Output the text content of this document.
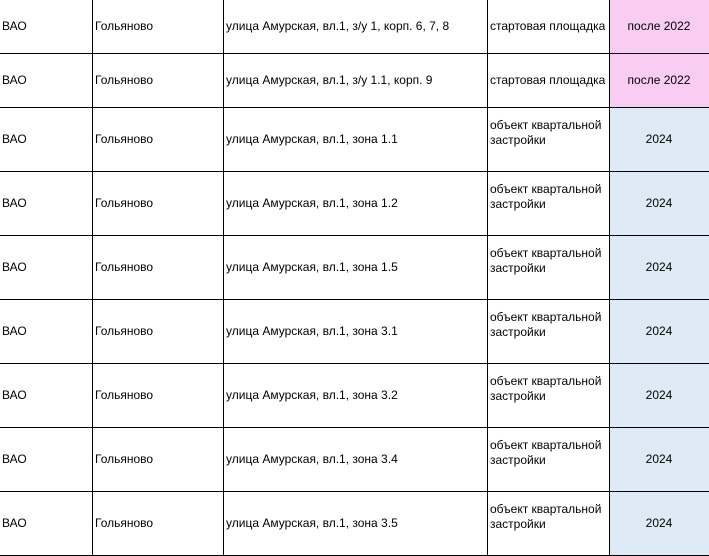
ВАО	Гольяново	улица Амурская, вл.1, з/у 1, корп. 6, 7, 8	стартовая площадка	после 2022
ВАО	Гольяново	улица Амурская, вл.1, з/у 1.1, корп. 9	стартовая площадка	после 2022
ВАО	Гольяново	улица Амурская, вл.1, зона 1.1	объект квартальной застройки	2024
ВАО	Гольяново	улица Амурская, вл.1, зона 1.2	объект квартальной застройки	2024
ВАО	Гольяново	улица Амурская, вл.1, зона 1.5	объект квартальной застройки	2024
ВАО	Гольяново	улица Амурская, вл.1, зона 3.1	объект квартальной застройки	2024
ВАО	Гольяново	улица Амурская, вл.1, зона 3.2	объект квартальной застройки	2024
ВАО	Гольяново	улица Амурская, вл.1, зона 3.4	объект квартальной застройки	2024
ВАО	Гольяново	улица Амурская, вл.1, зона 3.5	объект квартальной застройки	2024
